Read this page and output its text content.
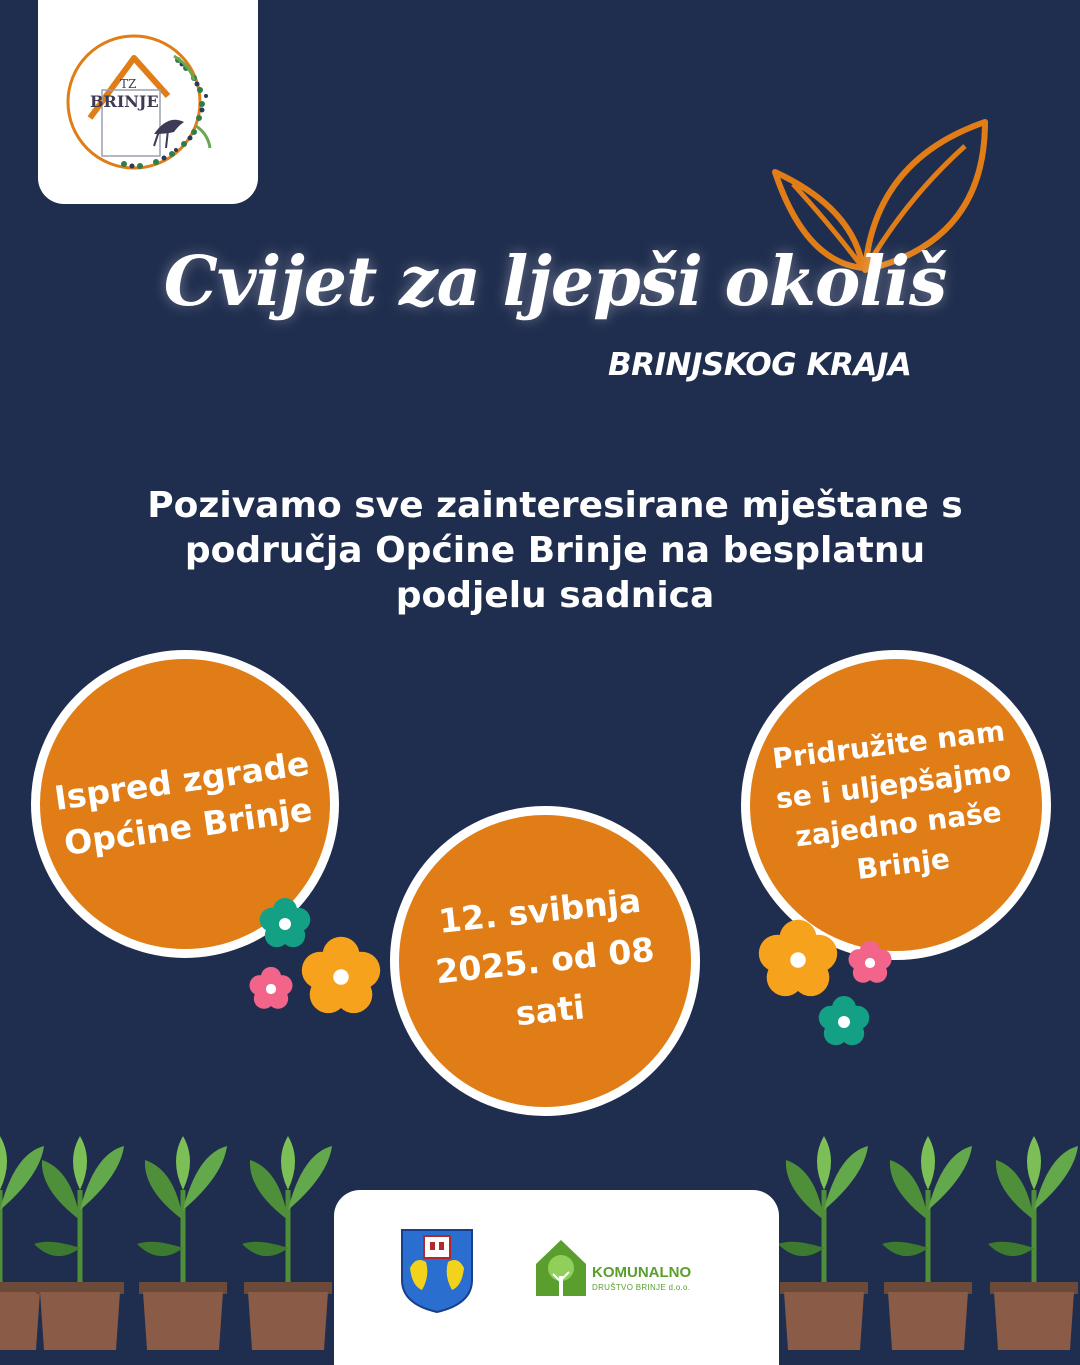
TZ
BRINJE
Cvijet za ljepši okoliš
BRINJSKOG KRAJA
Pozivamo sve zainteresirane mještane s područja Općine Brinje na besplatnu podjelu sadnica
Ispred zgrade Općine Brinje
12. svibnja 2025. od 08 sati
Pridružite nam se i uljepšajmo zajedno naše Brinje
KOMUNALNO
DRUŠTVO BRINJE d.o.o.
